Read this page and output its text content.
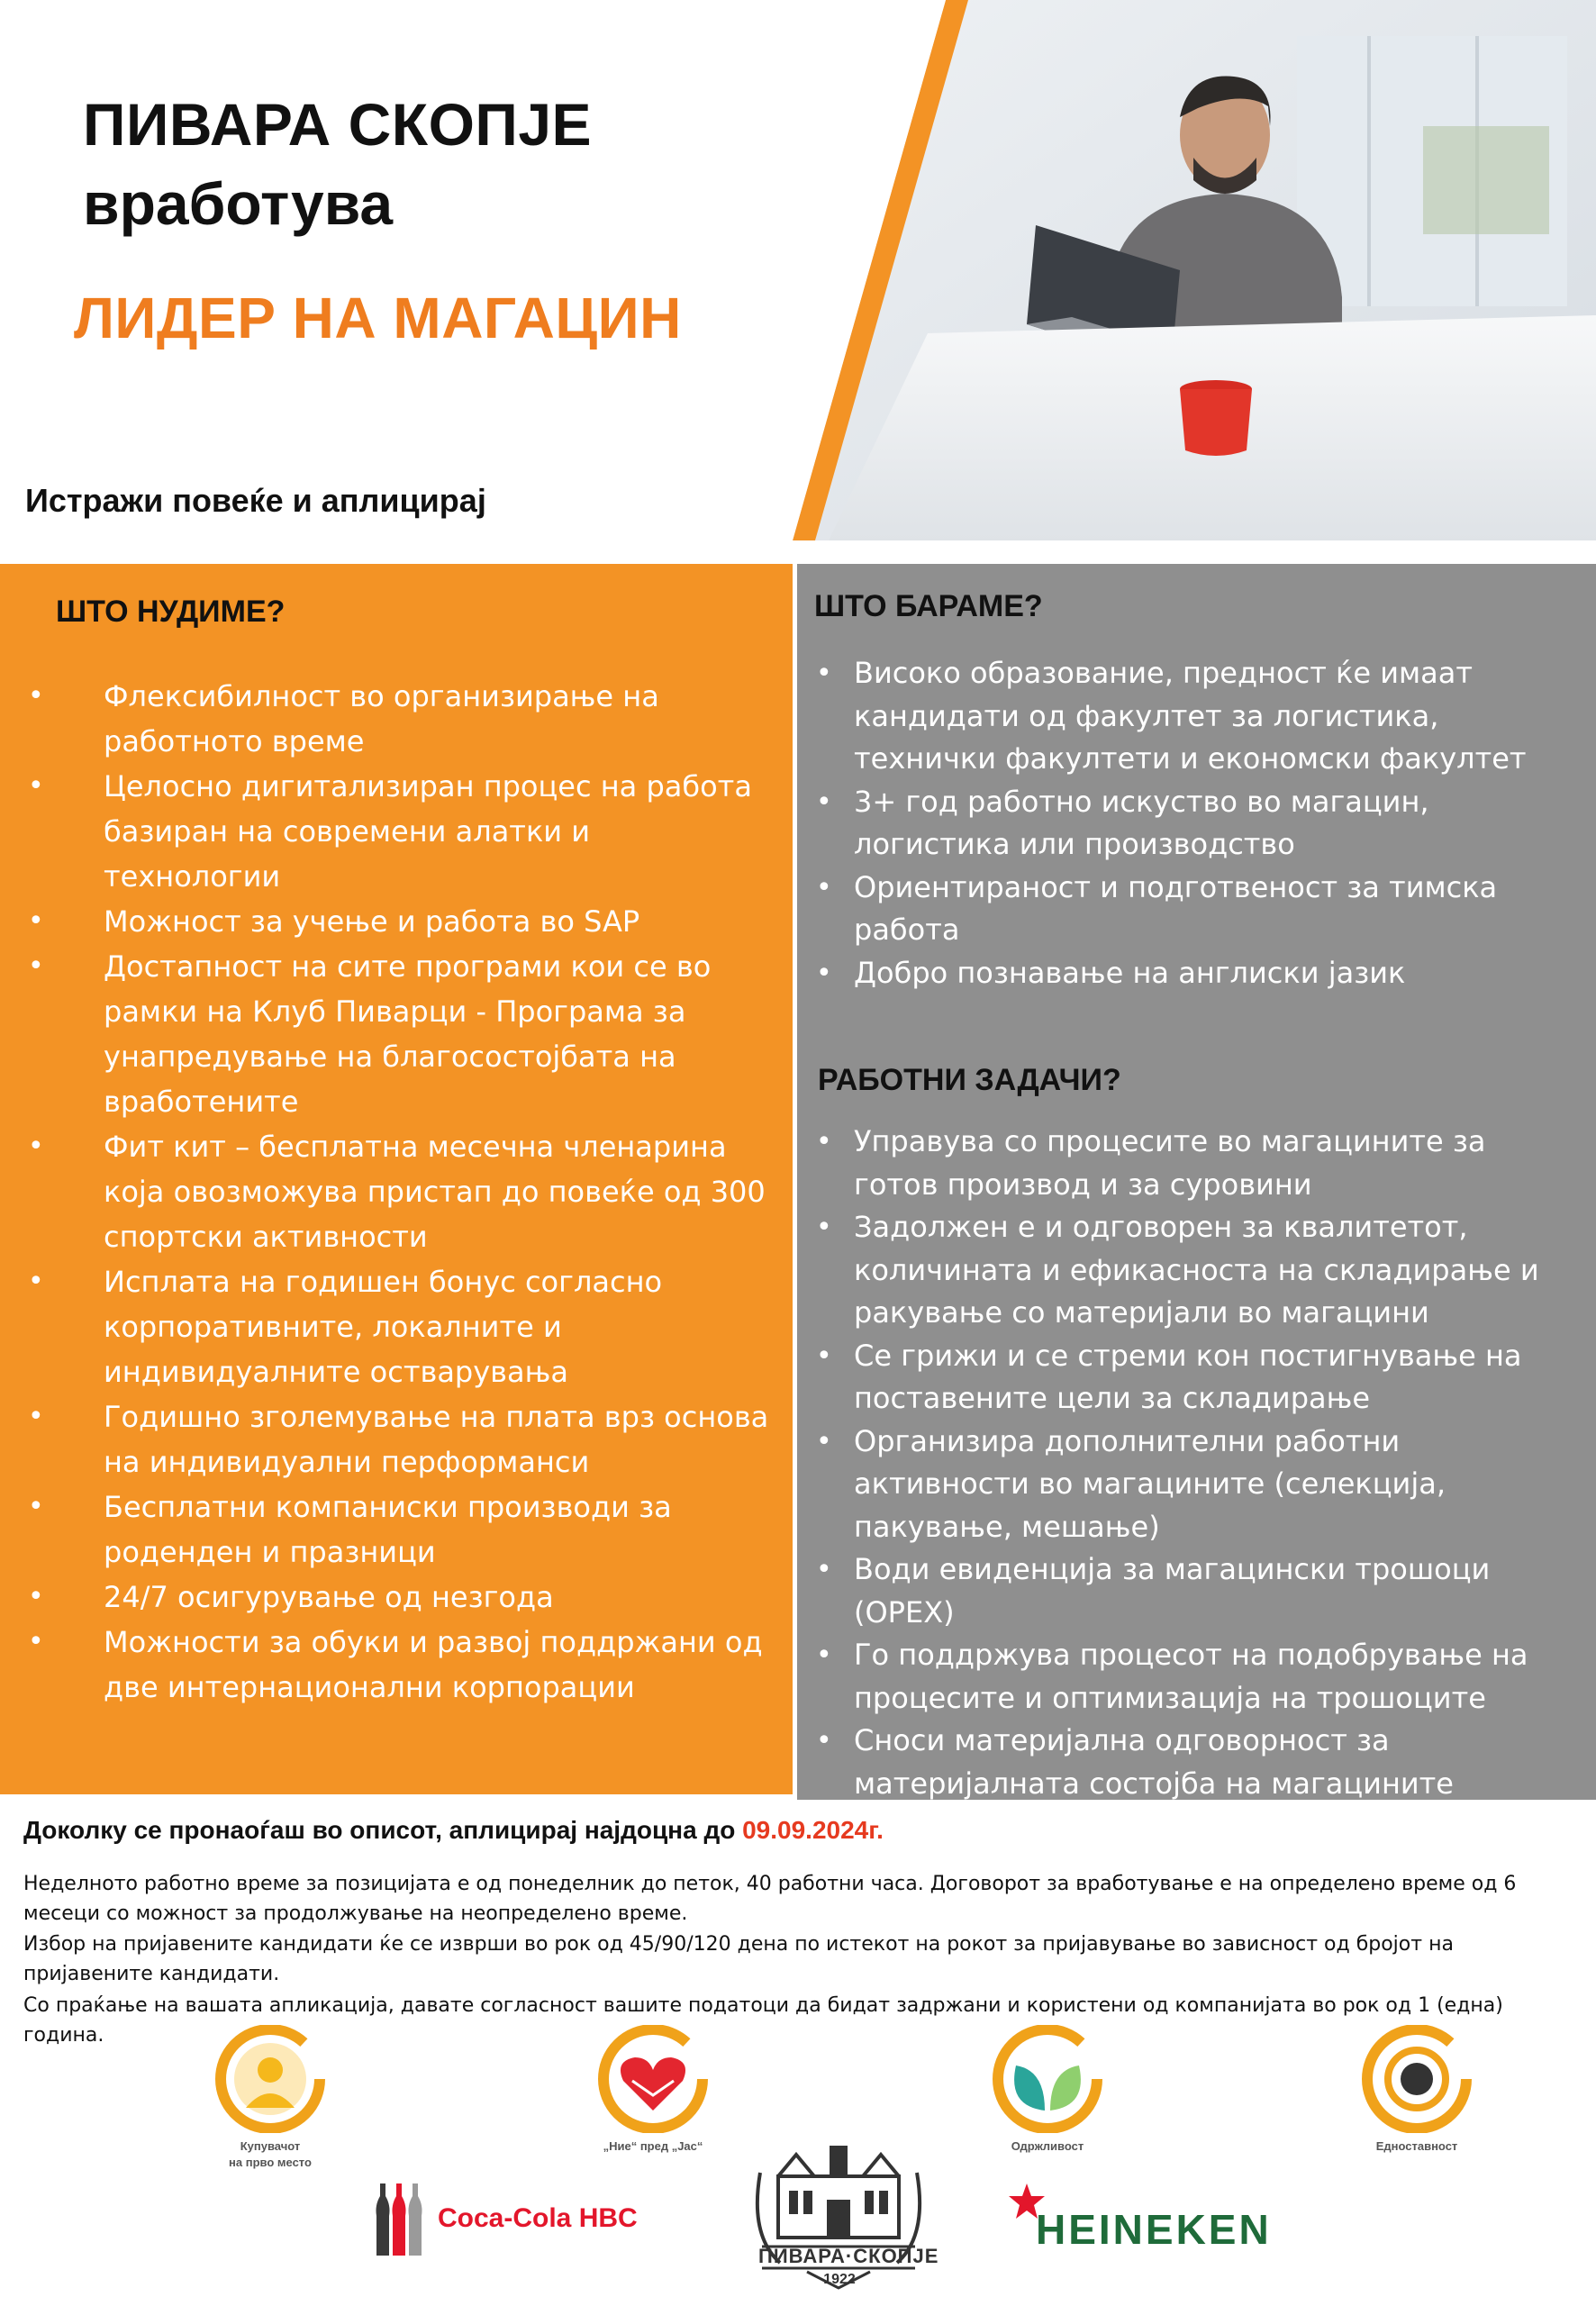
ПИВАРА СКОПЈЕ
вработува
ЛИДЕР НА МАГАЦИН
Истражи повеќе и аплицирај
ШТО НУДИМЕ?
• Флексибилност во организирање на работното време
• Целосно дигитализиран процес на работа базиран на современи алатки и технологии
• Можност за учење и работа во SAP
• Достапност на сите програми кои се во рамки на Клуб Пиварци - Програма за унапредување на благосостојбата на вработените
• Фит кит – бесплатна месечна членарина која овозможува пристап до повеќе од 300 спортски активности
• Исплата на годишен бонус согласно корпоративните, локалните и индивидуалните остварувања
• Годишно зголемување на плата врз основа на индивидуални перформанси
• Бесплатни компаниски производи за роденден и празници
• 24/7 осигурување од незгода
• Можности за обуки и развој поддржани од две интернационални корпорации
ШТО БАРАМЕ?
• Високо образование, предност ќе имаат кандидати од факултет за логистика, технички факултети и економски факултет
• 3+ год работно искуство во магацин, логистика или производство
• Ориентираност и подготвеност за тимска работа
• Добро познавање на англиски јазик
РАБОТНИ ЗАДАЧИ?
• Управува со процесите во магацините за готов производ и за суровини
• Задолжен е и одговорен за квалитетот, количината и ефикасноста на складирање и ракување со материјали во магацини
• Се грижи и се стреми кон постигнување на поставените цели за складирање
• Организира дополнителни работни активности во магацините (селекција, пакување, мешање)
• Води евиденција за магацински трошоци (OPEX)
• Го поддржува процесот на подобрување на процесите и оптимизација на трошоците
• Сноси материјална одговорност за материјалната состојба на магацините
Доколку се пронаоѓаш во описот, аплицирај најдоцна до 09.09.2024г.
Неделното работно време за позицијата е од понеделник до петок, 40 работни часа. Договорот за вработување е на определено време од 6 месеци со можност за продолжување на неопределено време.
Избор на пријавените кандидати ќе се изврши во рок од 45/90/120 дена по истекот на рокот за пријавување во зависност од бројот на пријавените кандидати.
Со праќање на вашата апликација, давате согласност вашите податоци да бидат задржани и користени од компанијата во рок од 1 (една) година.
Купувачот
на прво место
„Ние“ пред „Јас“	Одржливост	Едноставност
Coca-Cola HBC
ПИВАРА·СКОПЈЕ
1922
HEINEKEN
